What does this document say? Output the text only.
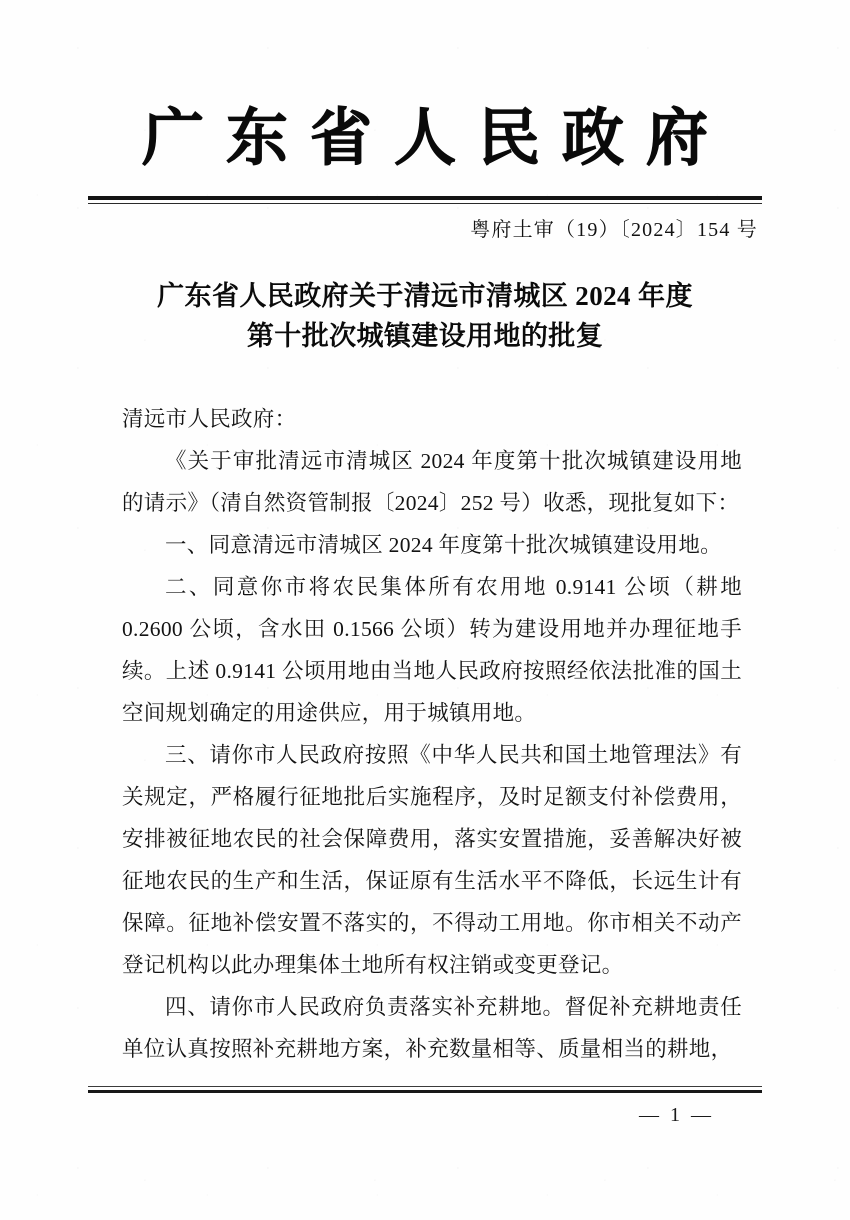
广东省人民政府
粤府土审（19）〔2024〕154 号
广东省人民政府关于清远市清城区 2024 年度
第十批次城镇建设用地的批复

清远市人民政府：

《关于审批清远市清城区 2024 年度第十批次城镇建设用地的请示》（清自然资管制报〔2024〕252 号）收悉，现批复如下：

一、同意清远市清城区 2024 年度第十批次城镇建设用地。

二、同意你市将农民集体所有农用地 0.9141 公顷（耕地 0.2600 公顷，含水田 0.1566 公顷）转为建设用地并办理征地手续。上述 0.9141 公顷用地由当地人民政府按照经依法批准的国土空间规划确定的用途供应，用于城镇用地。

三、请你市人民政府按照《中华人民共和国土地管理法》有关规定，严格履行征地批后实施程序，及时足额支付补偿费用，安排被征地农民的社会保障费用，落实安置措施，妥善解决好被征地农民的生产和生活，保证原有生活水平不降低，长远生计有保障。征地补偿安置不落实的，不得动工用地。你市相关不动产登记机构以此办理集体土地所有权注销或变更登记。

四、请你市人民政府负责落实补充耕地。督促补充耕地责任单位认真按照补充耕地方案，补充数量相等、质量相当的耕地，

— 1 —
